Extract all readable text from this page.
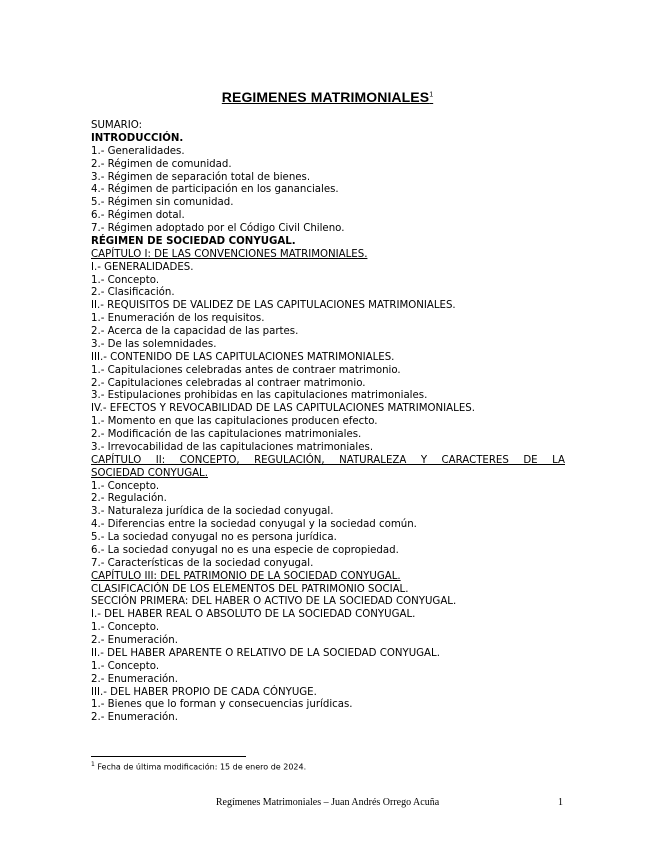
REGIMENES MATRIMONIALES$^1$
SUMARIO:
INTRODUCCIÓN.
1.- Generalidades.
2.- Régimen de comunidad.
3.- Régimen de separación total de bienes.
4.- Régimen de participación en los gananciales.
5.- Régimen sin comunidad.
6.- Régimen dotal.
7.- Régimen adoptado por el Código Civil Chileno.
RÉGIMEN DE SOCIEDAD CONYUGAL.
CAPÍTULO I: DE LAS CONVENCIONES MATRIMONIALES.
I.- GENERALIDADES.
1.- Concepto.
2.- Clasificación.
II.- REQUISITOS DE VALIDEZ DE LAS CAPITULACIONES MATRIMONIALES.
1.- Enumeración de los requisitos.
2.- Acerca de la capacidad de las partes.
3.- De las solemnidades.
III.- CONTENIDO DE LAS CAPITULACIONES MATRIMONIALES.
1.- Capitulaciones celebradas antes de contraer matrimonio.
2.- Capitulaciones celebradas al contraer matrimonio.
3.- Estipulaciones prohibidas en las capitulaciones matrimoniales.
IV.- EFECTOS Y REVOCABILIDAD DE LAS CAPITULACIONES MATRIMONIALES.
1.- Momento en que las capitulaciones producen efecto.
2.- Modificación de las capitulaciones matrimoniales.
3.- Irrevocabilidad de las capitulaciones matrimoniales.
CAPÍTULO II: CONCEPTO, REGULACIÓN, NATURALEZA Y CARACTERES DE LA
SOCIEDAD CONYUGAL.
1.- Concepto.
2.- Regulación.
3.- Naturaleza jurídica de la sociedad conyugal.
4.- Diferencias entre la sociedad conyugal y la sociedad común.
5.- La sociedad conyugal no es persona jurídica.
6.- La sociedad conyugal no es una especie de copropiedad.
7.- Características de la sociedad conyugal.
CAPÍTULO III: DEL PATRIMONIO DE LA SOCIEDAD CONYUGAL.
CLASIFICACIÓN DE LOS ELEMENTOS DEL PATRIMONIO SOCIAL.
SECCIÓN PRIMERA: DEL HABER O ACTIVO DE LA SOCIEDAD CONYUGAL.
I.- DEL HABER REAL O ABSOLUTO DE LA SOCIEDAD CONYUGAL.
1.- Concepto.
2.- Enumeración.
II.- DEL HABER APARENTE O RELATIVO DE LA SOCIEDAD CONYUGAL.
1.- Concepto.
2.- Enumeración.
III.- DEL HABER PROPIO DE CADA CÓNYUGE.
1.- Bienes que lo forman y consecuencias jurídicas.
2.- Enumeración.
$^1$ Fecha de última modificación: 15 de enero de 2024.
Regímenes Matrimoniales – Juan Andrés Orrego Acuña	1
